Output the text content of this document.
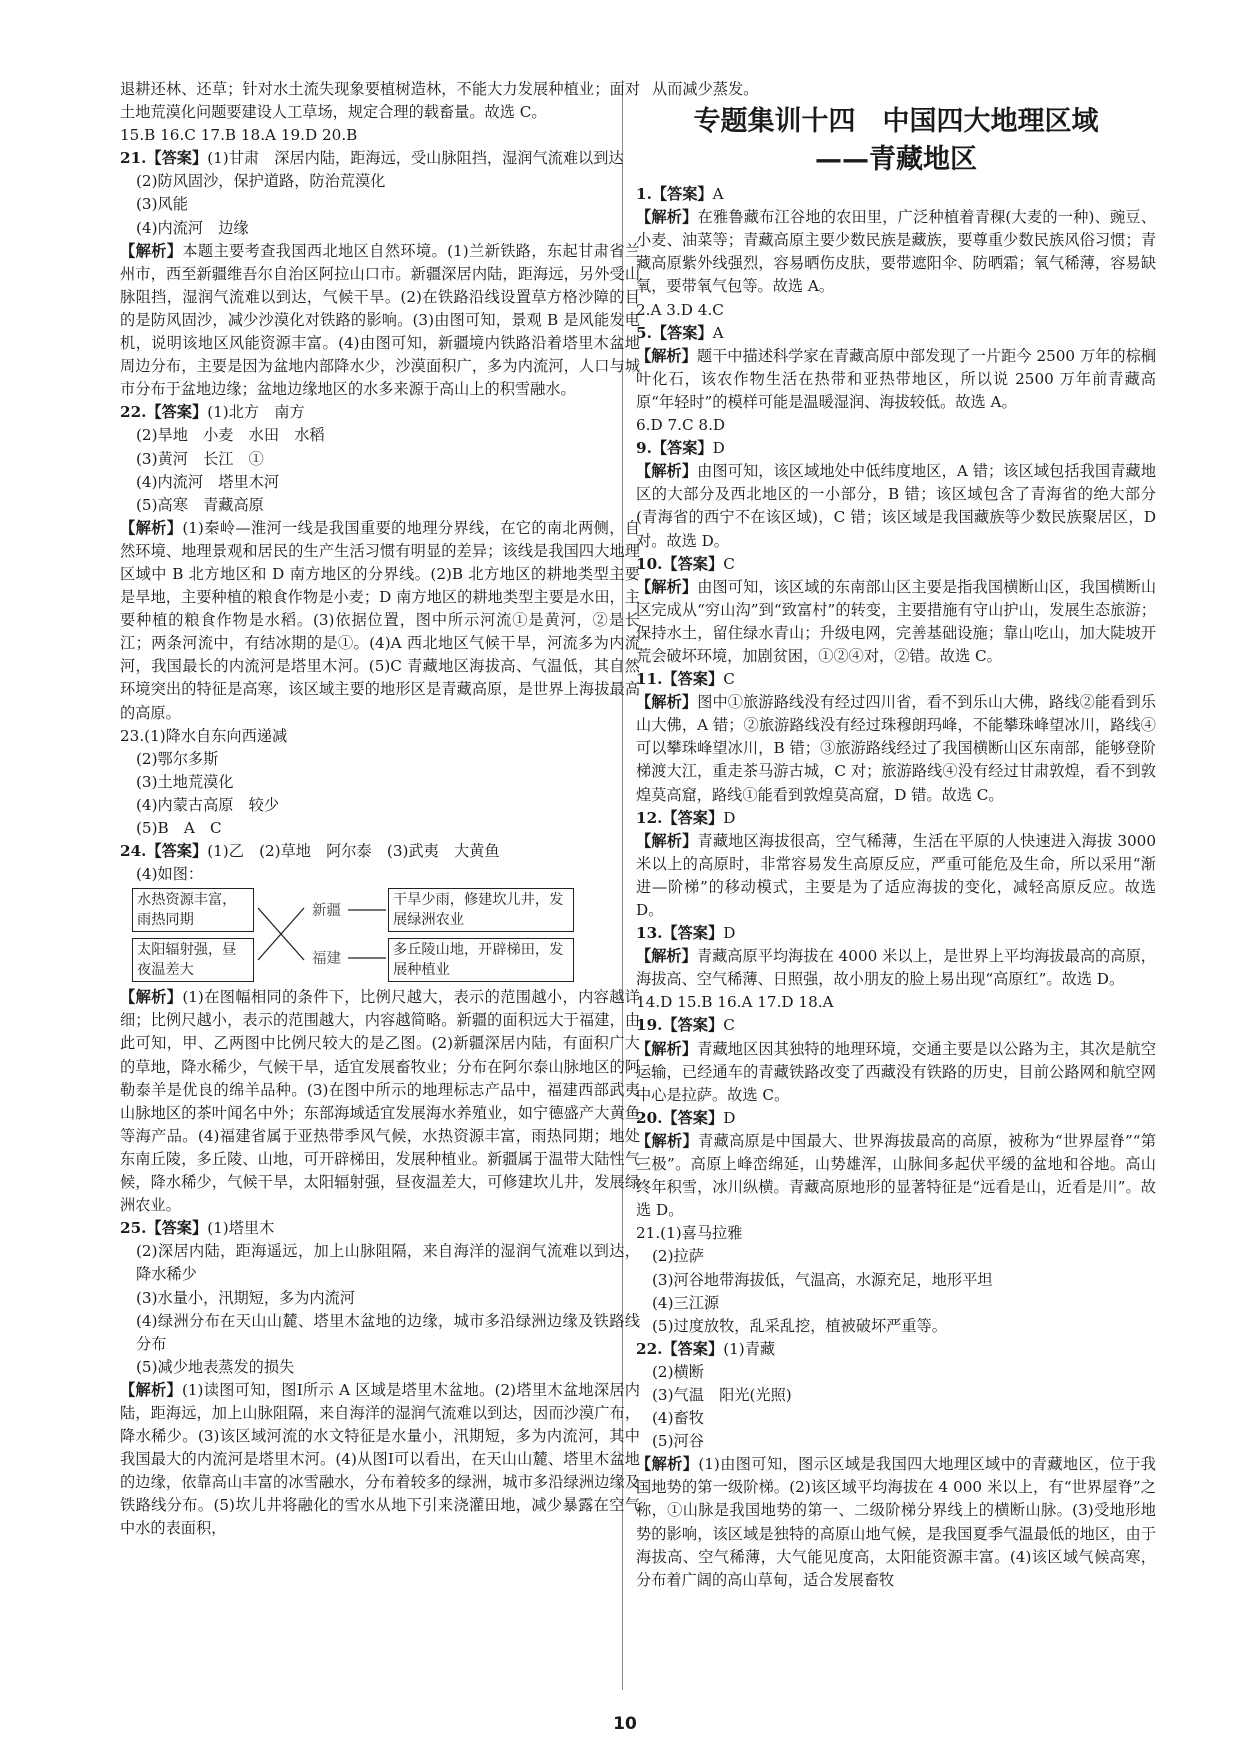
退耕还林、还草；针对水土流失现象要植树造林，不能大力发展种植业；面对土地荒漠化问题要建设人工草场，规定合理的载畜量。故选 C。

15.B 16.C 17.B 18.A 19.D 20.B

21.【答案】(1)甘肃　深居内陆，距海远，受山脉阻挡，湿润气流难以到达

(2)防风固沙，保护道路，防治荒漠化

(3)风能

(4)内流河　边缘

【解析】本题主要考查我国西北地区自然环境。(1)兰新铁路，东起甘肃省兰州市，西至新疆维吾尔自治区阿拉山口市。新疆深居内陆，距海远，另外受山脉阻挡，湿润气流难以到达，气候干旱。(2)在铁路沿线设置草方格沙障的目的是防风固沙，减少沙漠化对铁路的影响。(3)由图可知，景观 B 是风能发电机，说明该地区风能资源丰富。(4)由图可知，新疆境内铁路沿着塔里木盆地周边分布，主要是因为盆地内部降水少，沙漠面积广，多为内流河，人口与城市分布于盆地边缘；盆地边缘地区的水多来源于高山上的积雪融水。

22.【答案】(1)北方　南方

(2)旱地　小麦　水田　水稻

(3)黄河　长江　①

(4)内流河　塔里木河

(5)高寒　青藏高原

【解析】(1)秦岭—淮河一线是我国重要的地理分界线，在它的南北两侧，自然环境、地理景观和居民的生产生活习惯有明显的差异；该线是我国四大地理区域中 B 北方地区和 D 南方地区的分界线。(2)B 北方地区的耕地类型主要是旱地，主要种植的粮食作物是小麦；D 南方地区的耕地类型主要是水田，主要种植的粮食作物是水稻。(3)依据位置，图中所示河流①是黄河，②是长江；两条河流中，有结冰期的是①。(4)A 西北地区气候干旱，河流多为内流河，我国最长的内流河是塔里木河。(5)C 青藏地区海拔高、气温低，其自然环境突出的特征是高寒，该区域主要的地形区是青藏高原，是世界上海拔最高的高原。

23.(1)降水自东向西递减

(2)鄂尔多斯

(3)土地荒漠化

(4)内蒙古高原　较少

(5)B　A　C

24.【答案】(1)乙　(2)草地　阿尔泰　(3)武夷　大黄鱼

(4)如图：

水热资源丰富，雨热同期
太阳辐射强，昼夜温差大
新疆
福建
干旱少雨，修建坎儿井，发展绿洲农业
多丘陵山地，开辟梯田，发展种植业

【解析】(1)在图幅相同的条件下，比例尺越大，表示的范围越小，内容越详细；比例尺越小，表示的范围越大，内容越简略。新疆的面积远大于福建，由此可知，甲、乙两图中比例尺较大的是乙图。(2)新疆深居内陆，有面积广大的草地，降水稀少，气候干旱，适宜发展畜牧业；分布在阿尔泰山脉地区的阿勒泰羊是优良的绵羊品种。(3)在图中所示的地理标志产品中，福建西部武夷山脉地区的茶叶闻名中外；东部海域适宜发展海水养殖业，如宁德盛产大黄鱼等海产品。(4)福建省属于亚热带季风气候，水热资源丰富，雨热同期；地处东南丘陵，多丘陵、山地，可开辟梯田，发展种植业。新疆属于温带大陆性气候，降水稀少，气候干旱，太阳辐射强，昼夜温差大，可修建坎儿井，发展绿洲农业。

25.【答案】(1)塔里木

(2)深居内陆，距海遥远，加上山脉阻隔，来自海洋的湿润气流难以到达，降水稀少

(3)水量小，汛期短，多为内流河

(4)绿洲分布在天山山麓、塔里木盆地的边缘，城市多沿绿洲边缘及铁路线分布

(5)减少地表蒸发的损失

【解析】(1)读图可知，图Ⅰ所示 A 区域是塔里木盆地。(2)塔里木盆地深居内陆，距海远，加上山脉阻隔，来自海洋的湿润气流难以到达，因而沙漠广布，降水稀少。(3)该区域河流的水文特征是水量小，汛期短，多为内流河，其中我国最大的内流河是塔里木河。(4)从图Ⅰ可以看出，在天山山麓、塔里木盆地的边缘，依靠高山丰富的冰雪融水，分布着较多的绿洲，城市多沿绿洲边缘及铁路线分布。(5)坎儿井将融化的雪水从地下引来浇灌田地，减少暴露在空气中水的表面积，

从而减少蒸发。

专题集训十四　中国四大地理区域
——青藏地区

1.【答案】A

【解析】在雅鲁藏布江谷地的农田里，广泛种植着青稞(大麦的一种)、豌豆、小麦、油菜等；青藏高原主要少数民族是藏族，要尊重少数民族风俗习惯；青藏高原紫外线强烈，容易晒伤皮肤，要带遮阳伞、防晒霜；氧气稀薄，容易缺氧，要带氧气包等。故选 A。

2.A 3.D 4.C

5.【答案】A

【解析】题干中描述科学家在青藏高原中部发现了一片距今 2500 万年的棕榈叶化石，该农作物生活在热带和亚热带地区，所以说 2500 万年前青藏高原“年轻时”的模样可能是温暖湿润、海拔较低。故选 A。

6.D 7.C 8.D

9.【答案】D

【解析】由图可知，该区域地处中低纬度地区，A 错；该区域包括我国青藏地区的大部分及西北地区的一小部分，B 错；该区域包含了青海省的绝大部分(青海省的西宁不在该区域)，C 错；该区域是我国藏族等少数民族聚居区，D 对。故选 D。

10.【答案】C

【解析】由图可知，该区域的东南部山区主要是指我国横断山区，我国横断山区完成从“穷山沟”到“致富村”的转变，主要措施有守山护山，发展生态旅游；保持水土，留住绿水青山；升级电网，完善基础设施；靠山吃山，加大陡坡开荒会破坏环境，加剧贫困，①②④对，②错。故选 C。

11.【答案】C

【解析】图中①旅游路线没有经过四川省，看不到乐山大佛，路线②能看到乐山大佛，A 错；②旅游路线没有经过珠穆朗玛峰，不能攀珠峰望冰川，路线④可以攀珠峰望冰川，B 错；③旅游路线经过了我国横断山区东南部，能够登阶梯渡大江，重走茶马游古城，C 对；旅游路线④没有经过甘肃敦煌，看不到敦煌莫高窟，路线①能看到敦煌莫高窟，D 错。故选 C。

12.【答案】D

【解析】青藏地区海拔很高，空气稀薄，生活在平原的人快速进入海拔 3000 米以上的高原时，非常容易发生高原反应，严重可能危及生命，所以采用“渐进—阶梯”的移动模式，主要是为了适应海拔的变化，减轻高原反应。故选 D。

13.【答案】D

【解析】青藏高原平均海拔在 4000 米以上，是世界上平均海拔最高的高原，海拔高、空气稀薄、日照强，故小朋友的脸上易出现“高原红”。故选 D。

14.D 15.B 16.A 17.D 18.A

19.【答案】C

【解析】青藏地区因其独特的地理环境，交通主要是以公路为主，其次是航空运输，已经通车的青藏铁路改变了西藏没有铁路的历史，目前公路网和航空网中心是拉萨。故选 C。

20.【答案】D

【解析】青藏高原是中国最大、世界海拔最高的高原，被称为“世界屋脊”“第三极”。高原上峰峦绵延，山势雄浑，山脉间多起伏平缓的盆地和谷地。高山终年积雪，冰川纵横。青藏高原地形的显著特征是“远看是山，近看是川”。故选 D。

21.(1)喜马拉雅

(2)拉萨

(3)河谷地带海拔低，气温高，水源充足，地形平坦

(4)三江源

(5)过度放牧，乱采乱挖，植被破坏严重等。

22.【答案】(1)青藏

(2)横断

(3)气温　阳光(光照)

(4)畜牧

(5)河谷

【解析】(1)由图可知，图示区域是我国四大地理区域中的青藏地区，位于我国地势的第一级阶梯。(2)该区域平均海拔在 4 000 米以上，有“世界屋脊”之称，①山脉是我国地势的第一、二级阶梯分界线上的横断山脉。(3)受地形地势的影响，该区域是独特的高原山地气候，是我国夏季气温最低的地区，由于海拔高、空气稀薄，大气能见度高，太阳能资源丰富。(4)该区域气候高寒，分布着广阔的高山草甸，适合发展畜牧

10
